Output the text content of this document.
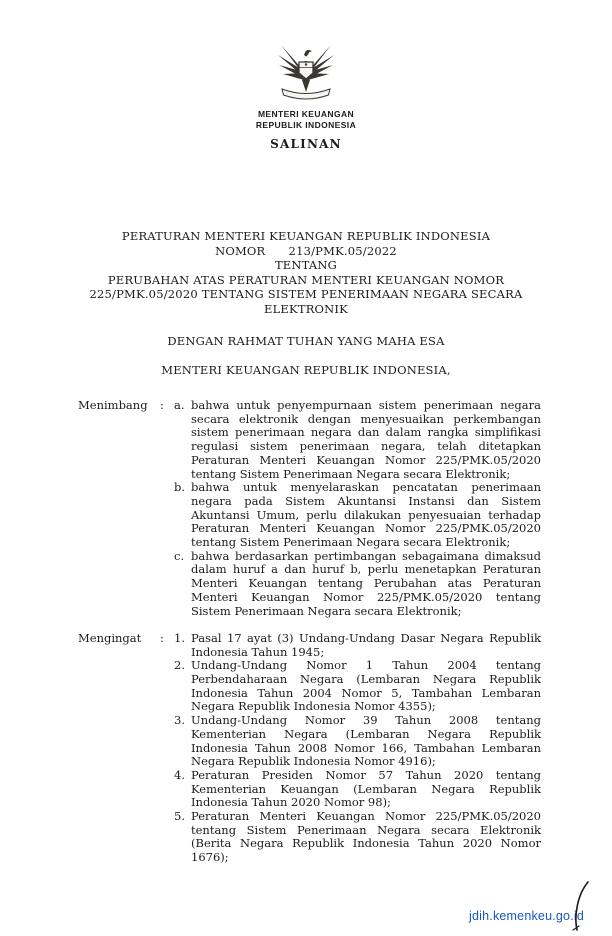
MENTERI KEUANGAN
REPUBLIK INDONESIA
SALINAN
PERATURAN MENTERI KEUANGAN REPUBLIK INDONESIA
NOMOR      213/PMK.05/2022
TENTANG
PERUBAHAN ATAS PERATURAN MENTERI KEUANGAN NOMOR
225/PMK.05/2020 TENTANG SISTEM PENERIMAAN NEGARA SECARA
ELEKTRONIK
DENGAN RAHMAT TUHAN YANG MAHA ESA
MENTERI KEUANGAN REPUBLIK INDONESIA,
Menimbang	: a. bahwa untuk penyempurnaan sistem penerimaan negara secara elektronik dengan menyesuaikan perkembangan sistem penerimaan negara dan dalam rangka simplifikasi regulasi sistem penerimaan negara, telah ditetapkan Peraturan Menteri Keuangan Nomor 225/PMK.05/2020 tentang Sistem Penerimaan Negara secara Elektronik;
b. bahwa untuk menyelaraskan pencatatan penerimaan negara pada Sistem Akuntansi Instansi dan Sistem Akuntansi Umum, perlu dilakukan penyesuaian terhadap Peraturan Menteri Keuangan Nomor 225/PMK.05/2020 tentang Sistem Penerimaan Negara secara Elektronik;
c. bahwa berdasarkan pertimbangan sebagaimana dimaksud dalam huruf a dan huruf b, perlu menetapkan Peraturan Menteri Keuangan tentang Perubahan atas Peraturan Menteri Keuangan Nomor 225/PMK.05/2020 tentang Sistem Penerimaan Negara secara Elektronik;
Mengingat	: 1. Pasal 17 ayat (3) Undang-Undang Dasar Negara Republik Indonesia Tahun 1945;
2. Undang-Undang Nomor 1 Tahun 2004 tentang Perbendaharaan Negara (Lembaran Negara Republik Indonesia Tahun 2004 Nomor 5, Tambahan Lembaran Negara Republik Indonesia Nomor 4355);
3. Undang-Undang Nomor 39 Tahun 2008 tentang Kementerian Negara (Lembaran Negara Republik Indonesia Tahun 2008 Nomor 166, Tambahan Lembaran Negara Republik Indonesia Nomor 4916);
4. Peraturan Presiden Nomor 57 Tahun 2020 tentang Kementerian Keuangan (Lembaran Negara Republik Indonesia Tahun 2020 Nomor 98);
5. Peraturan Menteri Keuangan Nomor 225/PMK.05/2020 tentang Sistem Penerimaan Negara secara Elektronik (Berita Negara Republik Indonesia Tahun 2020 Nomor 1676);
jdih.kemenkeu.go.id
